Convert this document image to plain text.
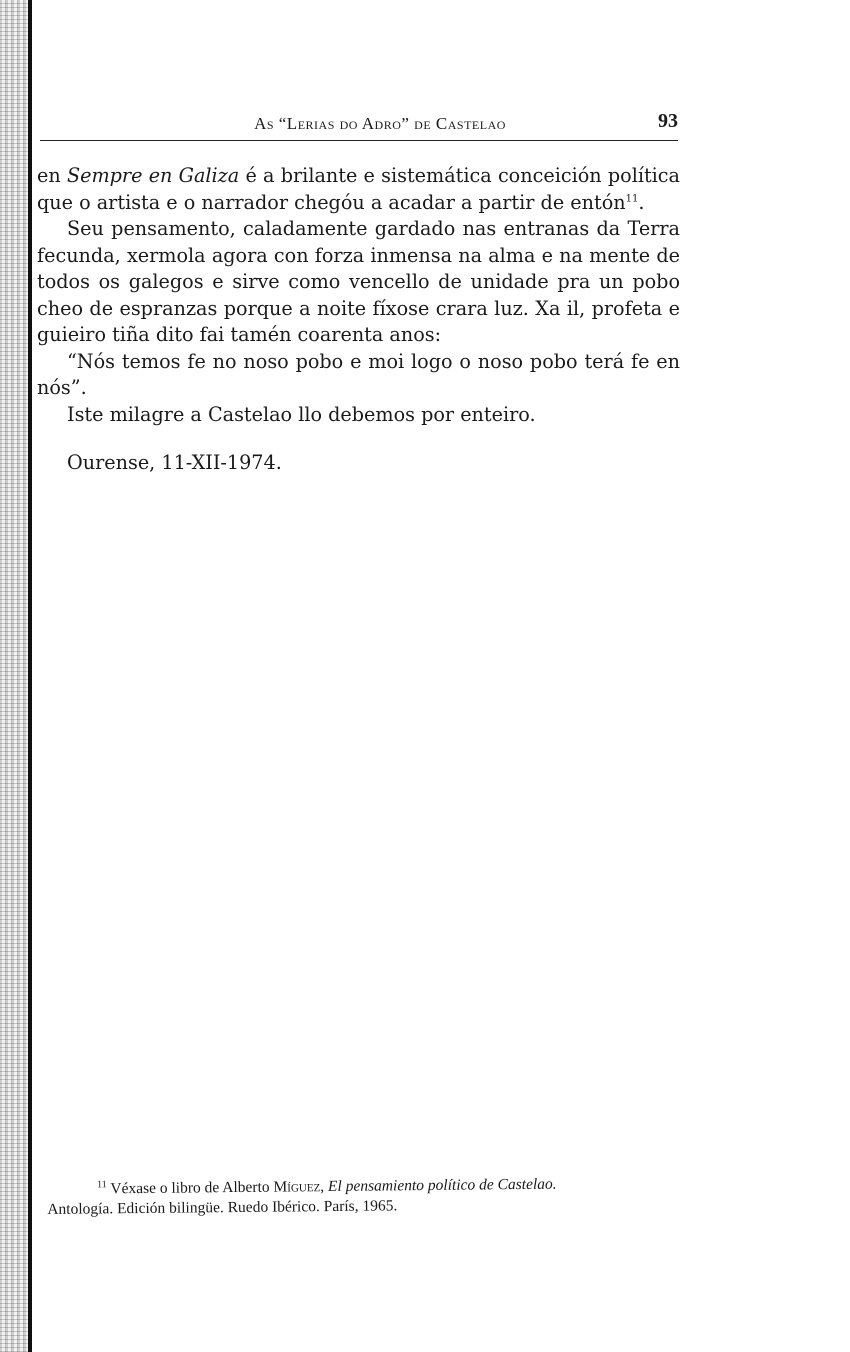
As “Lerias do Adro” de Castelao	93

en Sempre en Galiza é a brilante e sistemática conceición política que o artista e o narrador chegóu a acadar a partir de entón$^{11}$.

Seu pensamento, caladamente gardado nas entranas da Terra fecunda, xermola agora con forza inmensa na alma e na mente de todos os galegos e sirve como vencello de unidade pra un pobo cheo de espranzas porque a noite fíxose crara luz. Xa il, profeta e guieiro tiña dito fai tamén coarenta anos:

“Nós temos fe no noso pobo e moi logo o noso pobo terá fe en nós”.

Iste milagre a Castelao llo debemos por enteiro.

Ourense, 11-XII-1974.

$^{11}$ Véxase o libro de Alberto Míguez, El pensamiento político de Castelao.
Antología. Edición bilingüe. Ruedo Ibérico. París, 1965.
